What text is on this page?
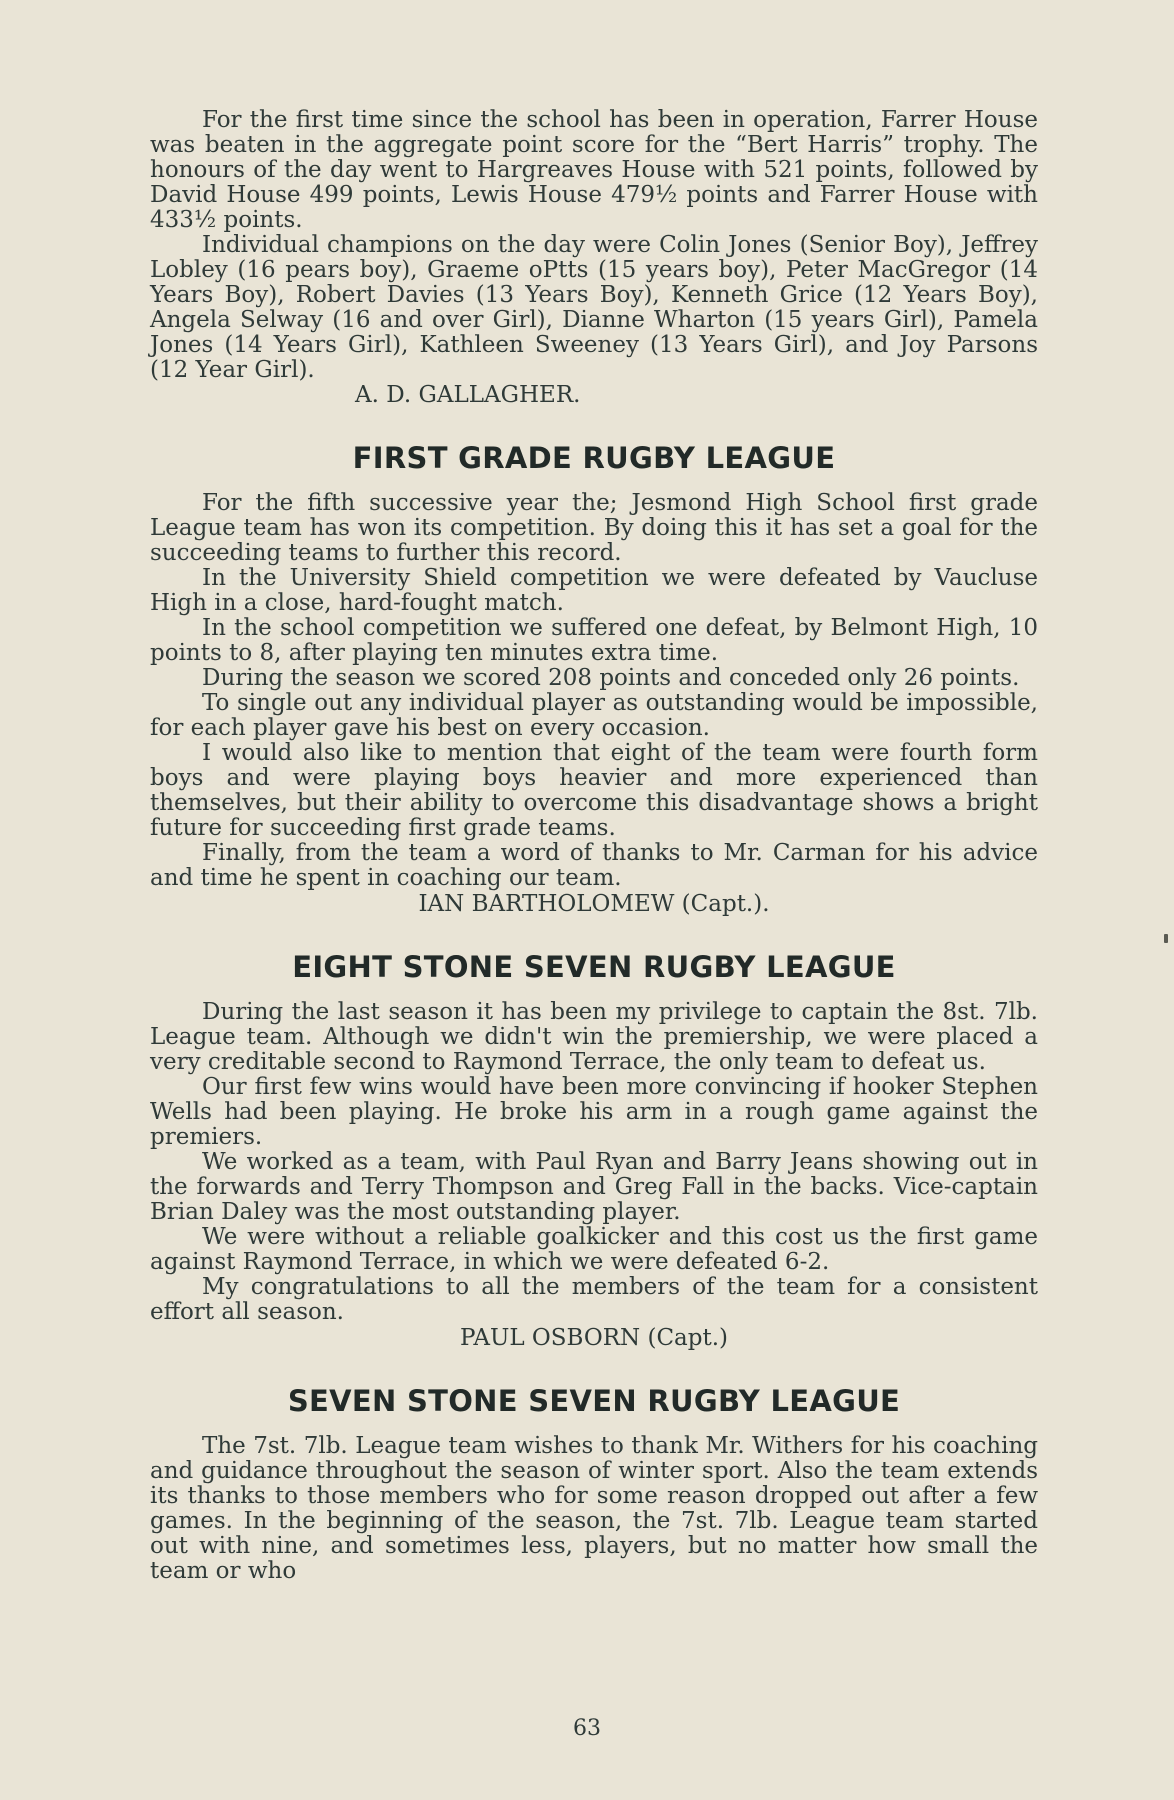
For the first time since the school has been in operation, Farrer House was beaten in the aggregate point score for the “Bert Harris” trophy. The honours of the day went to Hargreaves House with 521 points, followed by David House 499 points, Lewis House 479½ points and Farrer House with 433½ points.

Individual champions on the day were Colin Jones (Senior Boy), Jeffrey Lobley (16 pears boy), Graeme oPtts (15 years boy), Peter MacGregor (14 Years Boy), Robert Davies (13 Years Boy), Kenneth Grice (12 Years Boy), Angela Selway (16 and over Girl), Dianne Wharton (15 years Girl), Pamela Jones (14 Years Girl), Kathleen Sweeney (13 Years Girl), and Joy Parsons (12 Year Girl).

A. D. GALLAGHER.

FIRST GRADE RUGBY LEAGUE

For the fifth successive year the; Jesmond High School first grade League team has won its competition. By doing this it has set a goal for the succeeding teams to further this record.

In the University Shield competition we were defeated by Vaucluse High in a close, hard-fought match.

In the school competition we suffered one defeat, by Belmont High, 10 points to 8, after playing ten minutes extra time.

During the season we scored 208 points and conceded only 26 points.

To single out any individual player as outstanding would be impossible, for each player gave his best on every occasion.

I would also like to mention that eight of the team were fourth form boys and were playing boys heavier and more experienced than themselves, but their ability to overcome this disadvantage shows a bright future for succeeding first grade teams.

Finally, from the team a word of thanks to Mr. Carman for his advice and time he spent in coaching our team.

IAN BARTHOLOMEW (Capt.).

EIGHT STONE SEVEN RUGBY LEAGUE

During the last season it has been my privilege to captain the 8st. 7lb. League team. Although we didn't win the premiership, we were placed a very creditable second to Raymond Terrace, the only team to defeat us.

Our first few wins would have been more convincing if hooker Stephen Wells had been playing. He broke his arm in a rough game against the premiers.

We worked as a team, with Paul Ryan and Barry Jeans showing out in the forwards and Terry Thompson and Greg Fall in the backs. Vice-captain Brian Daley was the most outstanding player.

We were without a reliable goalkicker and this cost us the first game against Raymond Terrace, in which we were defeated 6-2.

My congratulations to all the members of the team for a consistent effort all season.

PAUL OSBORN (Capt.)

SEVEN STONE SEVEN RUGBY LEAGUE

The 7st. 7lb. League team wishes to thank Mr. Withers for his coaching and guidance throughout the season of winter sport. Also the team extends its thanks to those members who for some reason dropped out after a few games. In the beginning of the season, the 7st. 7lb. League team started out with nine, and sometimes less, players, but no matter how small the team or who

63
